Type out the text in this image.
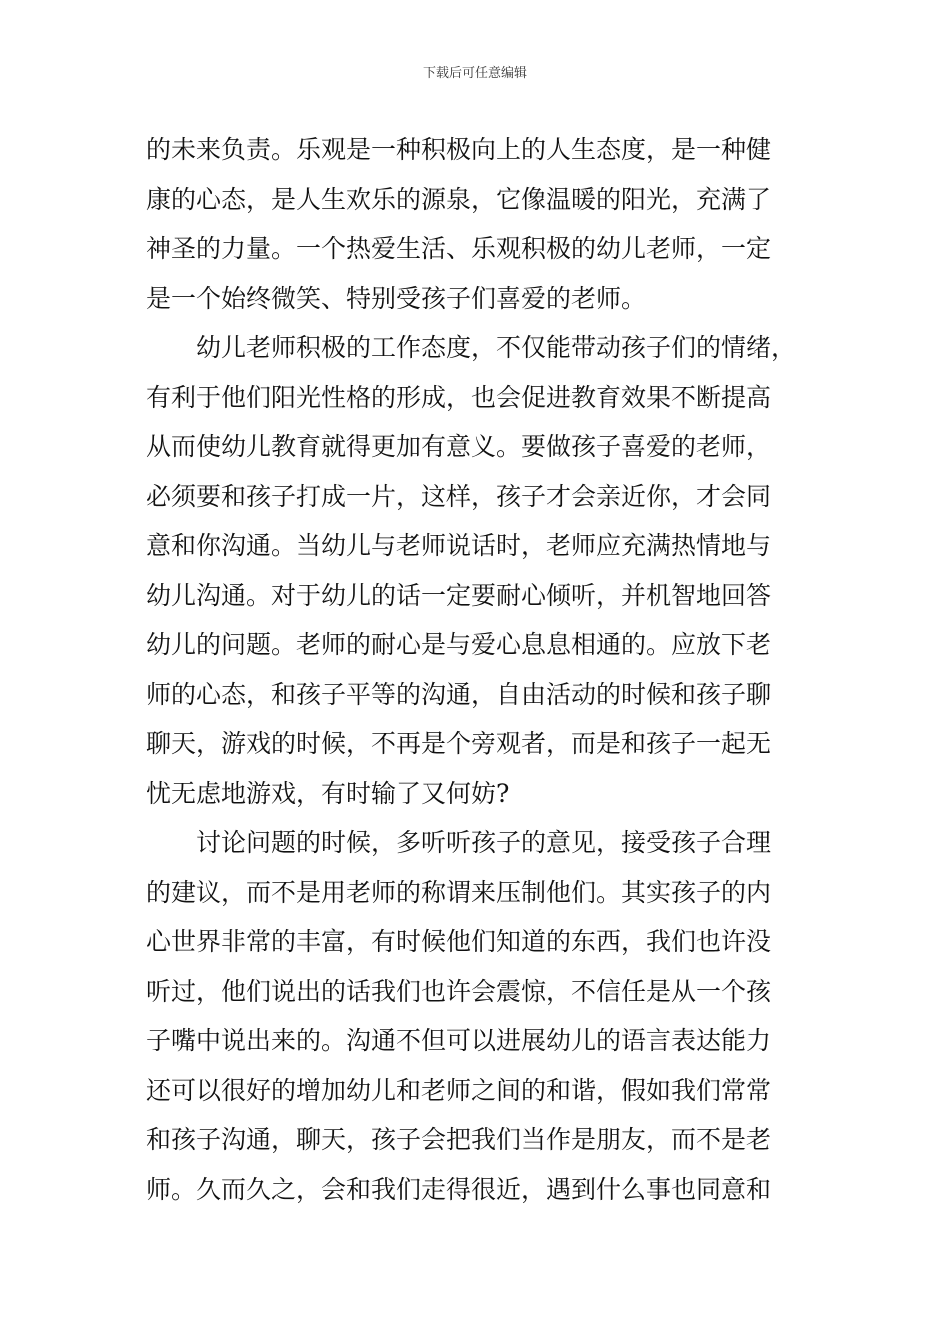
下载后可任意编辑
的未来负责。乐观是一种积极向上的人生态度，是一种健
康的心态，是人生欢乐的源泉，它像温暖的阳光，充满了
神圣的力量。一个热爱生活、乐观积极的幼儿老师，一定
是一个始终微笑、特别受孩子们喜爱的老师。
幼儿老师积极的工作态度，不仅能带动孩子们的情绪，
有利于他们阳光性格的形成，也会促进教育效果不断提高
从而使幼儿教育就得更加有意义。要做孩子喜爱的老师，
必须要和孩子打成一片，这样，孩子才会亲近你，才会同
意和你沟通。当幼儿与老师说话时，老师应充满热情地与
幼儿沟通。对于幼儿的话一定要耐心倾听，并机智地回答
幼儿的问题。老师的耐心是与爱心息息相通的。应放下老
师的心态，和孩子平等的沟通，自由活动的时候和孩子聊
聊天，游戏的时候，不再是个旁观者，而是和孩子一起无
忧无虑地游戏，有时输了又何妨?
讨论问题的时候，多听听孩子的意见，接受孩子合理
的建议，而不是用老师的称谓来压制他们。其实孩子的内
心世界非常的丰富，有时候他们知道的东西，我们也许没
听过，他们说出的话我们也许会震惊，不信任是从一个孩
子嘴中说出来的。沟通不但可以进展幼儿的语言表达能力
还可以很好的增加幼儿和老师之间的和谐，假如我们常常
和孩子沟通，聊天，孩子会把我们当作是朋友，而不是老
师。久而久之，会和我们走得很近，遇到什么事也同意和
